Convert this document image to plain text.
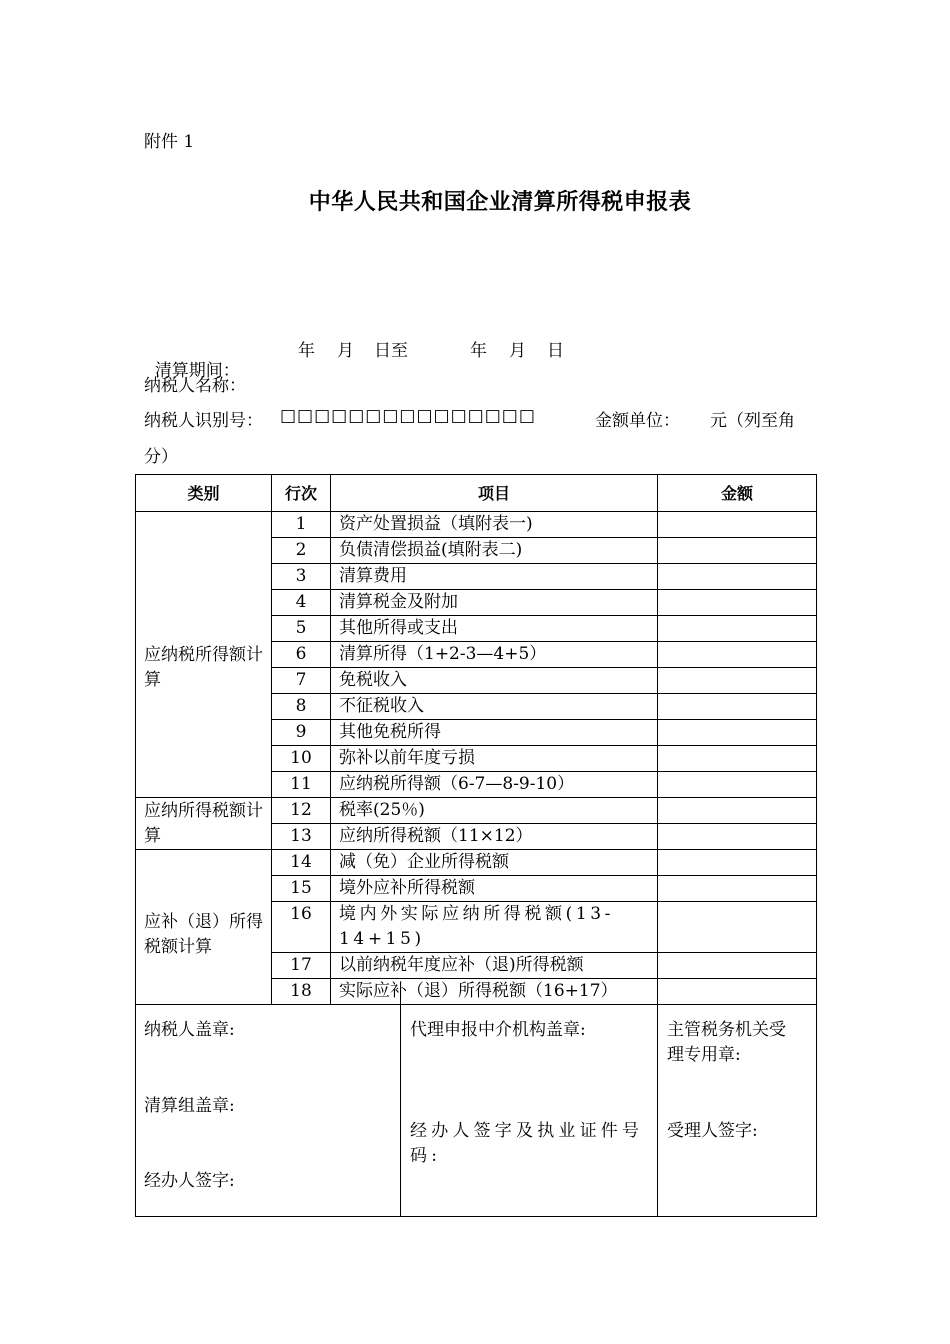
附件 1
中华人民共和国企业清算所得税申报表

清算期间：

年 月 日至	年 月 日
纳税人名称：
纳税人识别号： □□□□□□□□□□□□□□□	金额单位： 元（列至角
分）
类别	行次	项目	金额

应纳税所得额计算	1	资产处置损益（填附表一)	
	2	负债清偿损益(填附表二)	
	3	清算费用	
	4	清算税金及附加	
	5	其他所得或支出	
	6	清算所得（1+2-3—4+5）	
	7	免税收入	
	8	不征税收入	
	9	其他免税所得	
	10	弥补以前年度亏损	
	11	应纳税所得额（6-7—8-9-10）	
应纳所得税额计算	12	税率(25％)	
	13	应纳所得税额（11×12）	

应补（退）所得税额计算	14	减（免）企业所得税额	
	15	境外应补所得税额	
	16	境内外实际应纳所得税额(13-14+15)	
	17	以前纳税年度应补（退)所得税额	
	18	实际应补（退）所得税额（16+17）	

纳税人盖章:
清算组盖章:
经办人签字:
代理申报中介机构盖章:
经办人签字及执业证件号码:
主管税务机关受理专用章:
受理人签字:
